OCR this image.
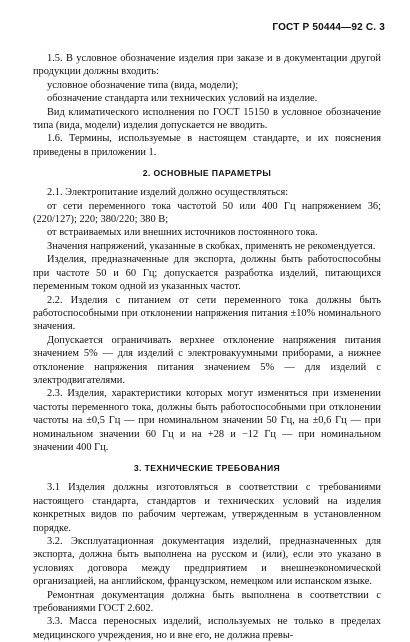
ГОСТ Р 50444—92 С. 3

1.5. В условное обозначение изделия при заказе и в документации другой продукции должны входить:

условное обозначение типа (вида, модели);

обозначение стандарта или технических условий на изделие.

Вид климатического исполнения по ГОСТ 15150 в условное обозначение типа (вида, модели) изделия допускается не вводить.

1.6. Термины, используемые в настоящем стандарте, и их пояснения приведены в приложении 1.

2. ОСНОВНЫЕ ПАРАМЕТРЫ

2.1. Электропитание изделий должно осуществляться:

от сети переменного тока частотой 50 или 400 Гц напряжением 36; (220/127); 220; 380/220; 380 В;

от встраиваемых или внешних источников постоянного тока.

Значения напряжений, указанные в скобках, применять не рекомендуется.

Изделия, предназначенные для экспорта, должны быть работоспособны при частоте 50 и 60 Гц; допускается разработка изделий, питающихся переменным током одной из указанных частот.

2.2. Изделия с питанием от сети переменного тока должны быть работоспособными при отклонении напряжения питания ±10% номинального значения.

Допускается ограничивать верхнее отклонение напряжения питания значением 5% — для изделий с электровакуумными приборами, а нижнее отклонение напряжения питания значением 5% — для изделий с электродвигателями.

2.3. Изделия, характеристики которых могут изменяться при изменении частоты переменного тока, должны быть работоспособными при отклонении частоты на ±0,5 Гц — при номинальном значении 50 Гц, на ±0,6 Гц — при номинальном значении 60 Гц и на +28 и −12 Гц — при номинальном значении 400 Гц.

3. ТЕХНИЧЕСКИЕ ТРЕБОВАНИЯ

3.1 Изделия должны изготовляться в соответствии с требованиями настоящего стандарта, стандартов и технических условий на изделия конкретных видов по рабочим чертежам, утвержденным в установленном порядке.

3.2. Эксплуатационная документация изделий, предназначенных для экспорта, должна быть выполнена на русском и (или), если это указано в условиях договора между предприятием и внешнеэкономической организацией, на английском, французском, немецком или испанском языке.

Ремонтная документация должна быть выполнена в соответствии с требованиями ГОСТ 2.602.

3.3. Масса переносных изделий, используемых не только в пределах медицинского учреждения, но и вне его, не должна превы-
